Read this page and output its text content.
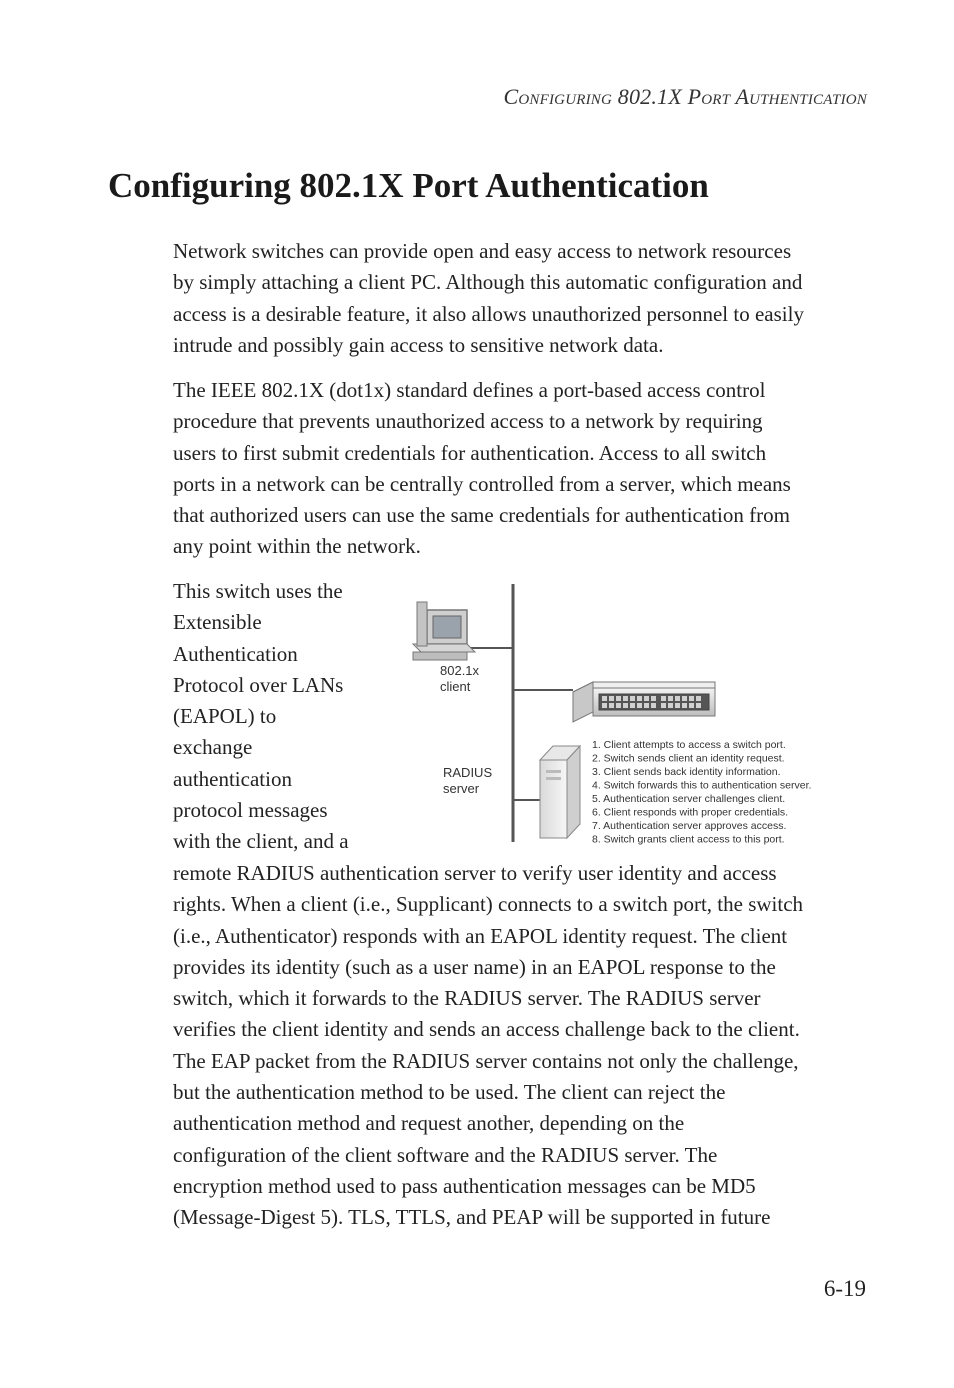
Configuring 802.1X Port Authentication
Configuring 802.1X Port Authentication

Network switches can provide open and easy access to network resources
by simply attaching a client PC. Although this automatic configuration and
access is a desirable feature, it also allows unauthorized personnel to easily
intrude and possibly gain access to sensitive network data.

The IEEE 802.1X (dot1x) standard defines a port-based access control
procedure that prevents unauthorized access to a network by requiring
users to first submit credentials for authentication. Access to all switch
ports in a network can be centrally controlled from a server, which means
that authorized users can use the same credentials for authentication from
any point within the network.

This switch uses the
Extensible
Authentication
Protocol over LANs
(EAPOL) to
exchange
authentication
protocol messages
with the client, and a

remote RADIUS authentication server to verify user identity and access
rights. When a client (i.e., Supplicant) connects to a switch port, the switch
(i.e., Authenticator) responds with an EAPOL identity request. The client
provides its identity (such as a user name) in an EAPOL response to the
switch, which it forwards to the RADIUS server. The RADIUS server
verifies the client identity and sends an access challenge back to the client.
The EAP packet from the RADIUS server contains not only the challenge,
but the authentication method to be used. The client can reject the
authentication method and request another, depending on the
configuration of the client software and the RADIUS server. The
encryption method used to pass authentication messages can be MD5
(Message-Digest 5). TLS, TTLS, and PEAP will be supported in future

802.1x
client
RADIUS
server
1. Client attempts to access a switch port.
2. Switch sends client an identity request.
3. Client sends back identity information.
4. Switch forwards this to authentication server.
5. Authentication server challenges client.
6. Client responds with proper credentials.
7. Authentication server approves access.
8. Switch grants client access to this port.
6-19
